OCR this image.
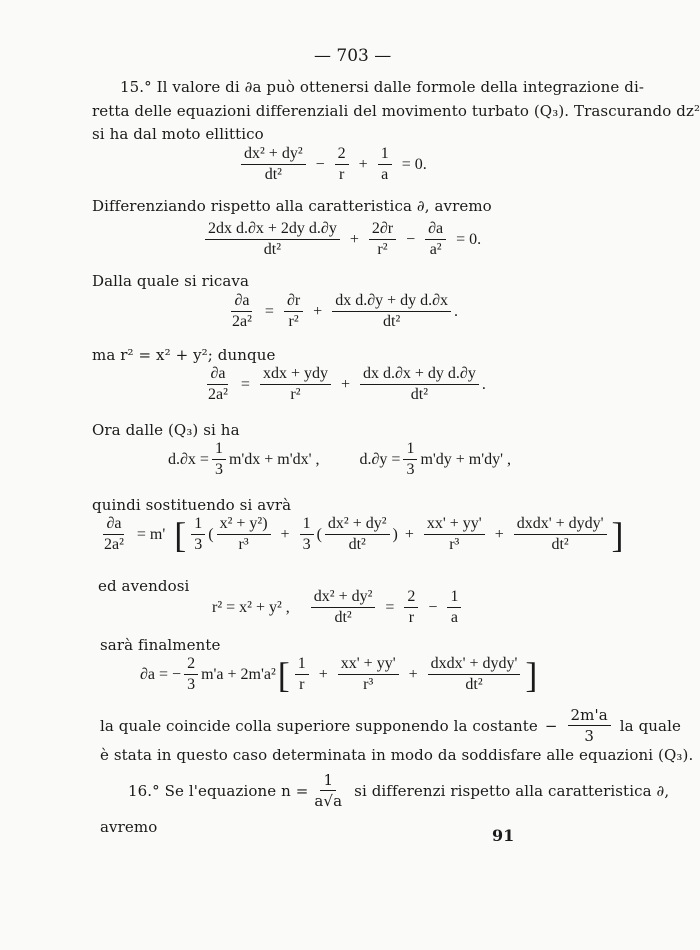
— 703 —
15.° Il valore di ∂a può ottenersi dalle formole della integrazione di-
retta delle equazioni differenziali del movimento turbato (Q₃). Trascurando dz²
si ha dal moto ellittico
$\frac{\text{dx² + dy²}}{\text{dt²}} - \frac{2}{r} + \frac{1}{a} = 0$.
Differenziando rispetto alla caratteristica ∂, avremo
$\frac{\text{2dx d.∂x + 2dy d.∂y}}{\text{dt²}} + \frac{2\partial r}{\text{r²}} - \frac{\partial a}{\text{a²}} = 0$.
Dalla quale si ricava
$\frac{\partial a}{\text{2a²}} = \frac{\partial r}{\text{r²}} + \frac{\text{dx d.∂y + dy d.∂x}}{\text{dt²}}$ .
ma r² = x² + y²; dunque
$\frac{\partial a}{\text{2a²}} = \frac{\text{xdx + ydy}}{\text{r²}} + \frac{\text{dx d.∂x + dy d.∂y}}{\text{dt²}}$ .
Ora dalle (Q₃) si ha
$d.\partial x = \frac{1}{3} m'dx + m'dx'$ ,	$d.\partial y = \frac{1}{3} m'dy + m'dy'$ ,
quindi sostituendo si avrà
$\frac{\partial a}{\text{2a²}} = m'$ [ $\frac{1}{3}$ ( $\frac{\text{x² + y²)}}{\text{r³}} + \frac{1}{3}$ ( $\frac{\text{dx² + dy²}}{\text{dt²}}$ ) + $\frac{xx' + yy'}{\text{r³}} + \frac{\text{dxdx' + dydy'}}{\text{dt²}}$ ]
ed avendosi
r² = x² + y² , $\frac{\text{dx² + dy²}}{\text{dt²}} = \frac{2}{r} - \frac{1}{a}$
sarà finalmente
∂a = − $\frac{2}{3} m'a + 2m'a^2$ [ $\frac{1}{r} + \frac{xx' + yy'}{\text{r³}} + \frac{\text{dxdx' + dydy'}}{\text{dt²}}$ ]
la quale coincide colla superiore supponendo la costante − $\frac{2m'a}{3}$ la quale
è stata in questo caso determinata in modo da soddisfare alle equazioni (Q₃).
16.° Se l'equazione $n = \frac{1}{a√a}$ si differenzi rispetto alla caratteristica ∂,
avremo	91
